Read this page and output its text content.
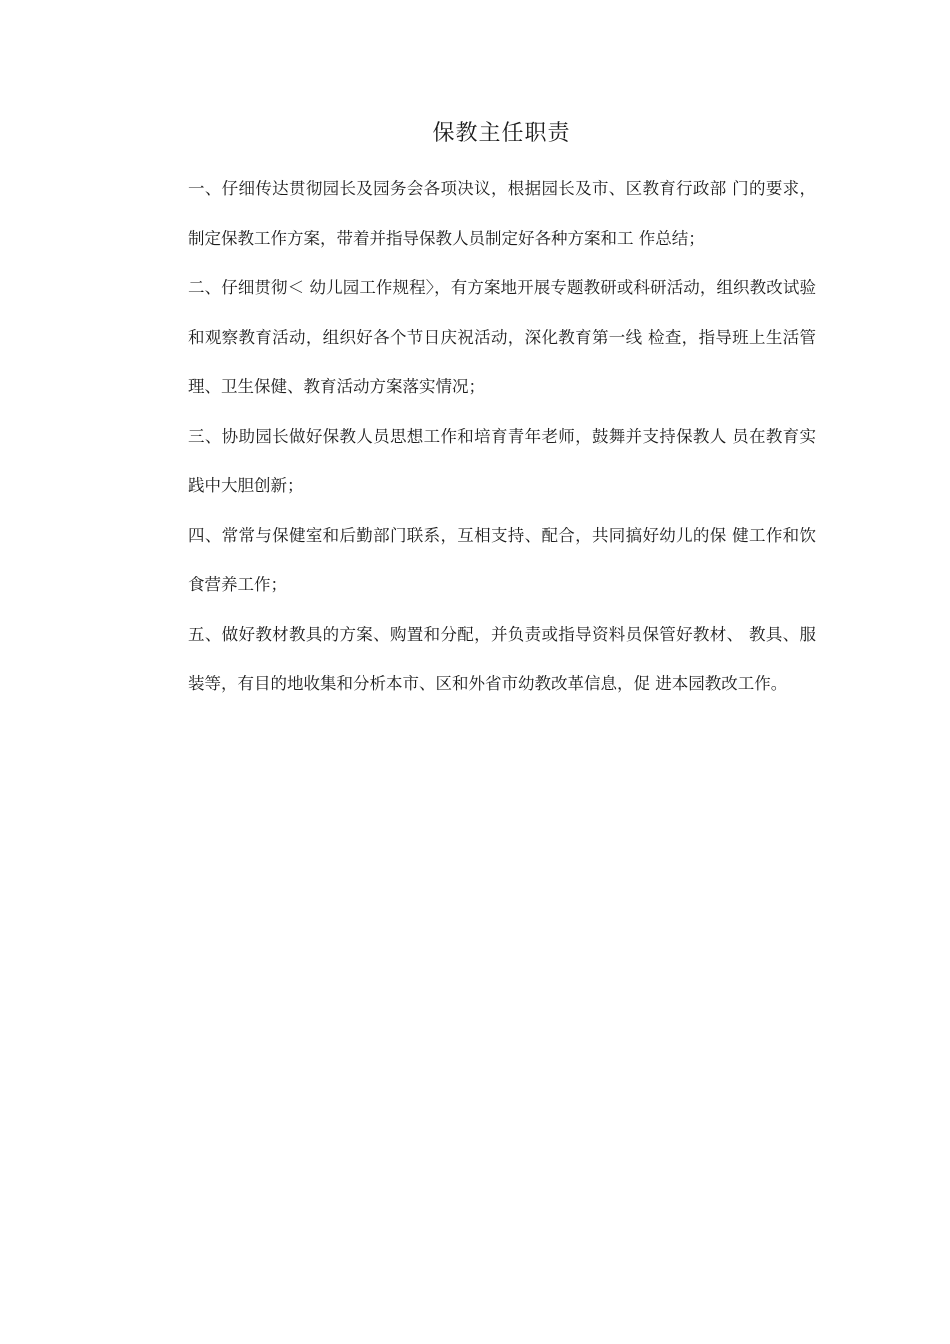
保教主任职责

一、仔细传达贯彻园长及园务会各项决议，根据园长及市、区教育行政部 门的要求，制定保教工作方案，带着并指导保教人员制定好各种方案和工 作总结；

二、仔细贯彻＜ 幼儿园工作规程〉，有方案地开展专题教研或科研活动，组织教改试验和观察教育活动，组织好各个节日庆祝活动，深化教育第一线 检查，指导班上生活管理、卫生保健、教育活动方案落实情况；

三、协助园长做好保教人员思想工作和培育青年老师，鼓舞并支持保教人 员在教育实践中大胆创新；

四、常常与保健室和后勤部门联系，互相支持、配合，共同搞好幼儿的保 健工作和饮食营养工作；

五、做好教材教具的方案、购置和分配，并负责或指导资料员保管好教材、 教具、服装等，有目的地收集和分析本市、区和外省市幼教改革信息，促 进本园教改工作。
